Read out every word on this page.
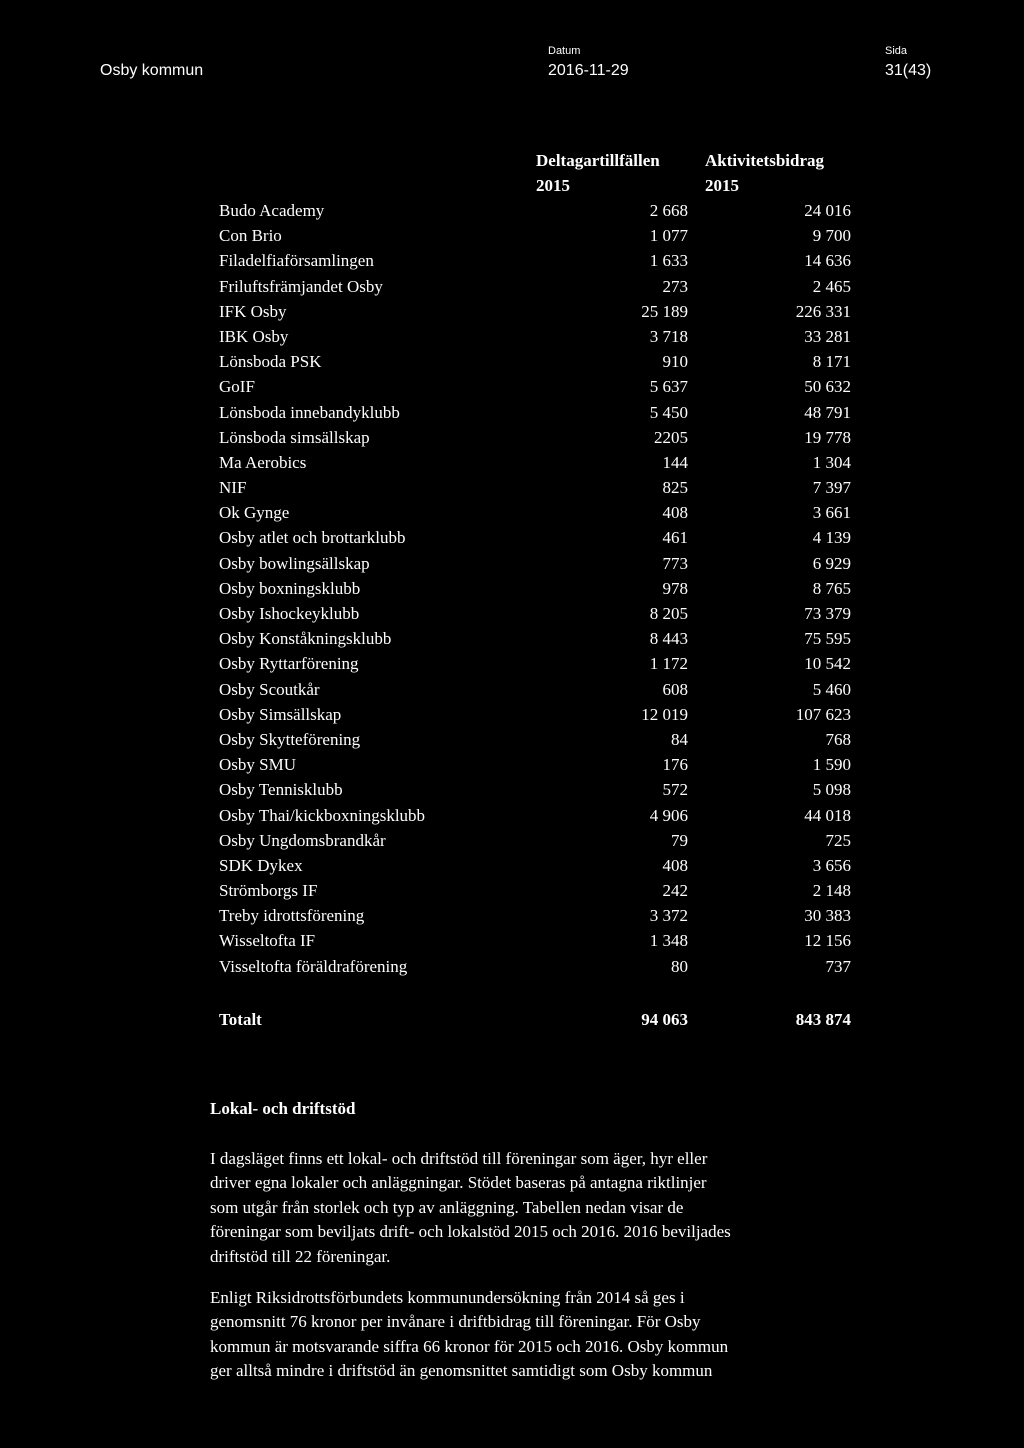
Osby kommun
Datum
2016-11-29
Sida
31(43)
Deltagartillfällen
2015
Aktivitetsbidrag
2015
Budo Academy	2 668	24 016
Con Brio	1 077	9 700
Filadelfiaförsamlingen	1 633	14 636
Friluftsfrämjandet Osby	273	2 465
IFK Osby	25 189	226 331
IBK Osby	3 718	33 281
Lönsboda PSK	910	8 171
GoIF	5 637	50 632
Lönsboda innebandyklubb	5 450	48 791
Lönsboda simsällskap	2205	19 778
Ma Aerobics	144	1 304
NIF	825	7 397
Ok Gynge	408	3 661
Osby atlet och brottarklubb	461	4 139
Osby bowlingsällskap	773	6 929
Osby boxningsklubb	978	8 765
Osby Ishockeyklubb	8 205	73 379
Osby Konståkningsklubb	8 443	75 595
Osby Ryttarförening	1 172	10 542
Osby Scoutkår	608	5 460
Osby Simsällskap	12 019	107 623
Osby Skytteförening	84	768
Osby SMU	176	1 590
Osby Tennisklubb	572	5 098
Osby Thai/kickboxningsklubb	4 906	44 018
Osby Ungdomsbrandkår	79	725
SDK Dykex	408	3 656
Strömborgs IF	242	2 148
Treby idrottsförening	3 372	30 383
Wisseltofta IF	1 348	12 156
Visseltofta föräldraförening	80	737
Totalt	94 063	843 874
Lokal- och driftstöd
I dagsläget finns ett lokal- och driftstöd till föreningar som äger, hyr eller
driver egna lokaler och anläggningar. Stödet baseras på antagna riktlinjer
som utgår från storlek och typ av anläggning. Tabellen nedan visar de
föreningar som beviljats drift- och lokalstöd 2015 och 2016. 2016 beviljades
driftstöd till 22 föreningar.
Enligt Riksidrottsförbundets kommunundersökning från 2014 så ges i
genomsnitt 76 kronor per invånare i driftbidrag till föreningar. För Osby
kommun är motsvarande siffra 66 kronor för 2015 och 2016. Osby kommun
ger alltså mindre i driftstöd än genomsnittet samtidigt som Osby kommun
